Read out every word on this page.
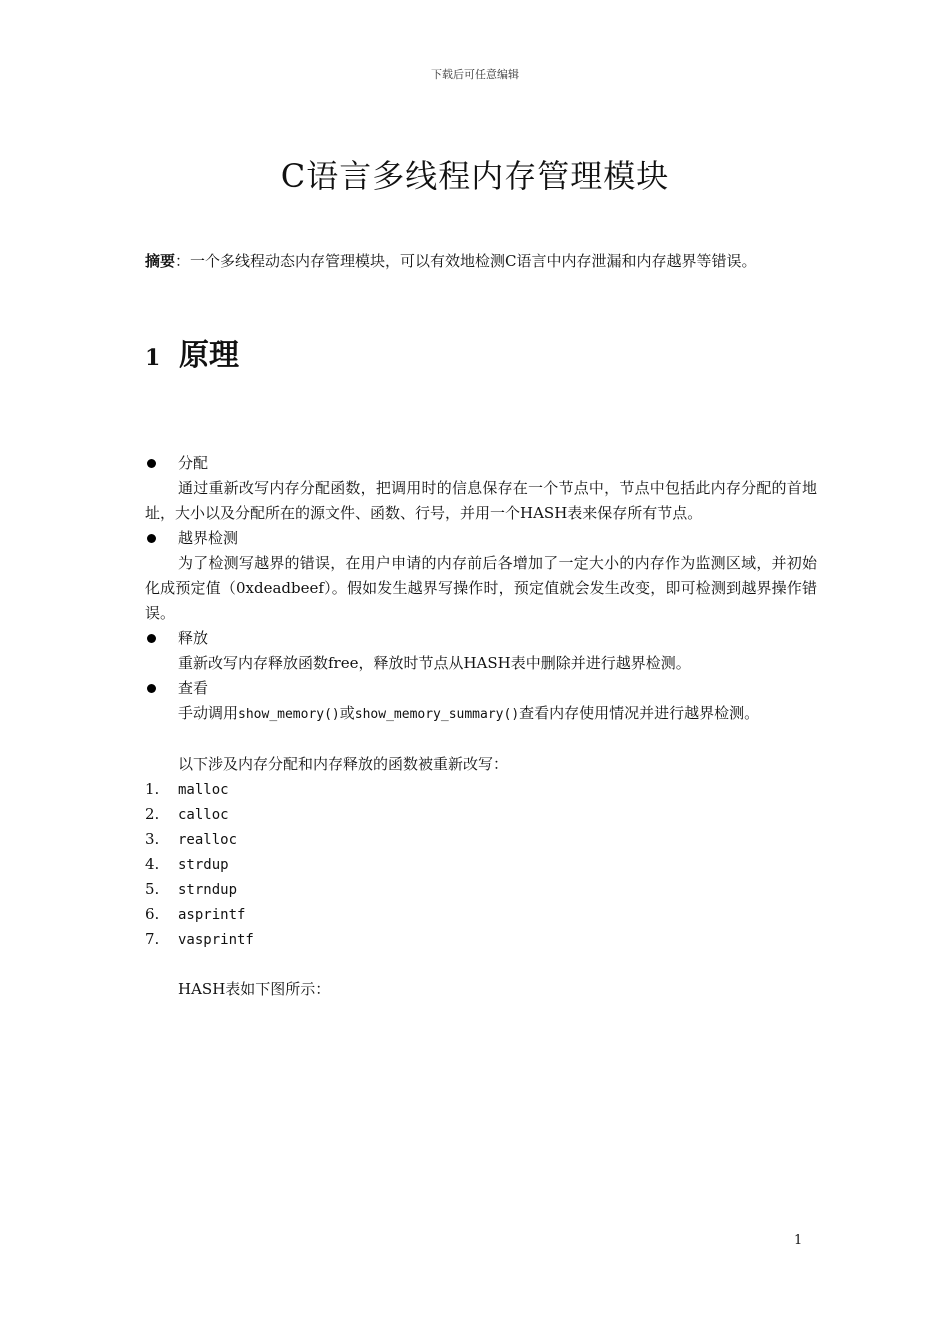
下载后可任意编辑
C语言多线程内存管理模块

摘要：一个多线程动态内存管理模块，可以有效地检测C语言中内存泄漏和内存越界等错误。

1 原理
分配

通过重新改写内存分配函数，把调用时的信息保存在一个节点中，节点中包括此内存分配的首地址，大小以及分配所在的源文件、函数、行号，并用一个HASH表来保存所有节点。

越界检测

为了检测写越界的错误，在用户申请的内存前后各增加了一定大小的内存作为监测区域，并初始化成预定值（0xdeadbeef）。假如发生越界写操作时，预定值就会发生改变，即可检测到越界操作错误。

释放

重新改写内存释放函数free，释放时节点从HASH表中删除并进行越界检测。

查看

手动调用show_memory()或show_memory_summary()查看内存使用情况并进行越界检测。

以下涉及内存分配和内存释放的函数被重新改写：

1. malloc
2. calloc
3. realloc
4. strdup
5. strndup
6. asprintf
7. vasprintf

HASH表如下图所示：

1
